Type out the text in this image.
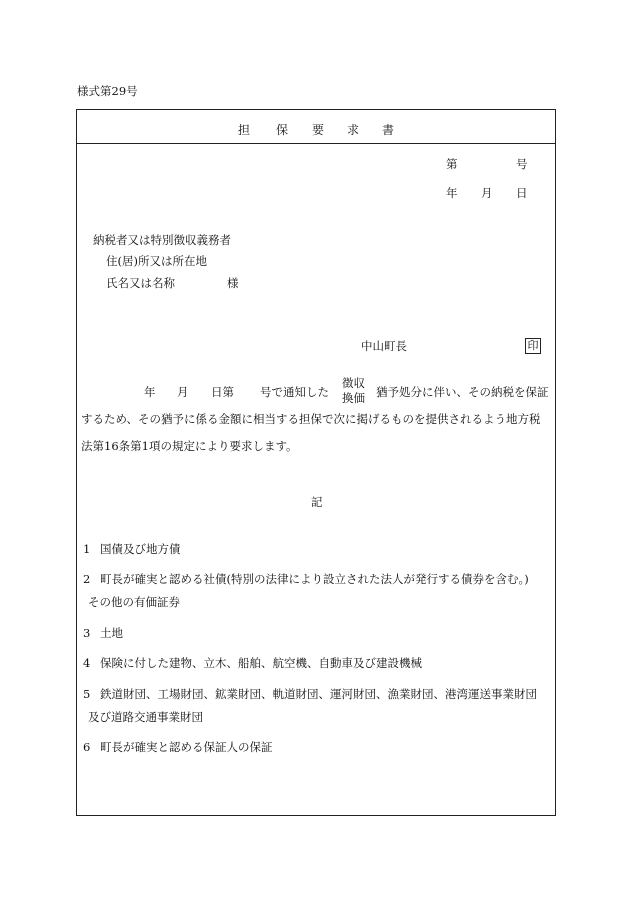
様式第29号
担 保 要 求 書
第	号
年 月 日
納税者又は特別徴収義務者
住(居)所又は所在地
氏名又は名称	様
中山町長	印
年 月 日第 号で通知した
徴収
換価 猶予処分に伴い、その納税を保証
するため、その猶予に係る金額に相当する担保で次に掲げるものを提供されるよう地方税
法第16条第1項の規定により要求します。
記
1 国債及び地方債
2 町長が確実と認める社債(特別の法律により設立された法人が発行する債券を含む。)
その他の有価証券
3 土地
4 保険に付した建物、立木、船舶、航空機、自動車及び建設機械
5 鉄道財団、工場財団、鉱業財団、軌道財団、運河財団、漁業財団、港湾運送事業財団
及び道路交通事業財団
6 町長が確実と認める保証人の保証
